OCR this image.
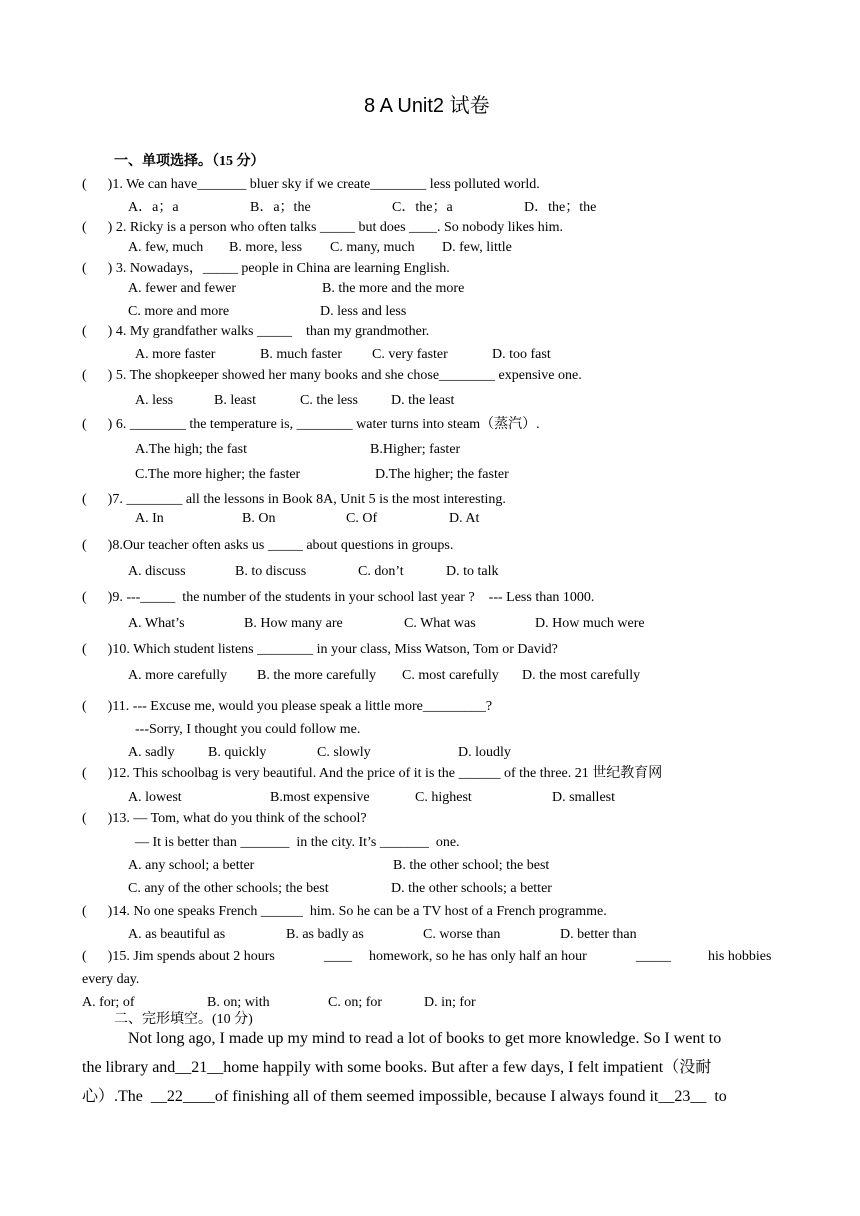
8 A Unit2 试卷
一、单项选择。（15 分）
(      )1. We can have_______ bluer sky if we create________ less polluted world.
A．a；a	B．a；the	C．the；a	D．the；the
(      ) 2. Ricky is a person who often talks _____ but does ____. So nobody likes him.
A. few, much B. more, less C. many, much D. few, little
(      ) 3. Nowadays，_____ people in China are learning English.
A. fewer and fewer	B. the more and the more
C. more and more	D. less and less
(      ) 4. My grandfather walks _____    than my grandmother.
A. more faster	B. much faster C. very faster	D. too fast
(      ) 5. The shopkeeper showed her many books and she chose________ expensive one.
A. less	B. least	C. the less D. the least
(      ) 6. ________ the temperature is, ________ water turns into steam（蒸汽）.
A.The high; the fast	B.Higher; faster
C.The more higher; the faster	D.The higher; the faster
(      )7. ________ all the lessons in Book 8A, Unit 5 is the most interesting.
A. In	B. On	C. Of	D. At
(      )8.Our teacher often asks us _____ about questions in groups.
A. discuss	B. to discuss	C. don’t	D. to talk
(      )9. ---_____  the number of the students in your school last year ?    --- Less than 1000.
A. What’s	B. How many are	C. What was	D. How much were
(      )10. Which student listens ________ in your class, Miss Watson, Tom or David?
A. more carefully B. the more carefully C. most carefully D. the most carefully
(      )11. --- Excuse me, would you please speak a little more_________?
---Sorry, I thought you could follow me.
A. sadly B. quickly	C. slowly	D. loudly
(      )12. This schoolbag is very beautiful. And the price of it is the ______ of the three. 21 世纪教育网
A. lowest	B.most expensive	C. highest	D. smallest
(      )13. — Tom, what do you think of the school?
— It is better than _______  in the city. It’s _______  one.
A. any school; a better	B. the other school; the best
C. any of the other schools; the best	D. the other schools; a better
(      )14. No one speaks French ______  him. So he can be a TV host of a French programme.
A. as beautiful as	B. as badly as	C. worse than	D. better than
(      )15. Jim spends about 2 hours	____ homework, so he has only half an hour	_____	his hobbies
every day.
A. for; of	B. on; with	C. on; for	D. in; for
二、完形填空。(10 分)
Not long ago, I made up my mind to read a lot of books to get more knowledge. So I went to
the library and__21__home happily with some books. But after a few days, I felt impatient（没耐
心）.The  __22____of finishing all of them seemed impossible, because I always found it__23__  to
